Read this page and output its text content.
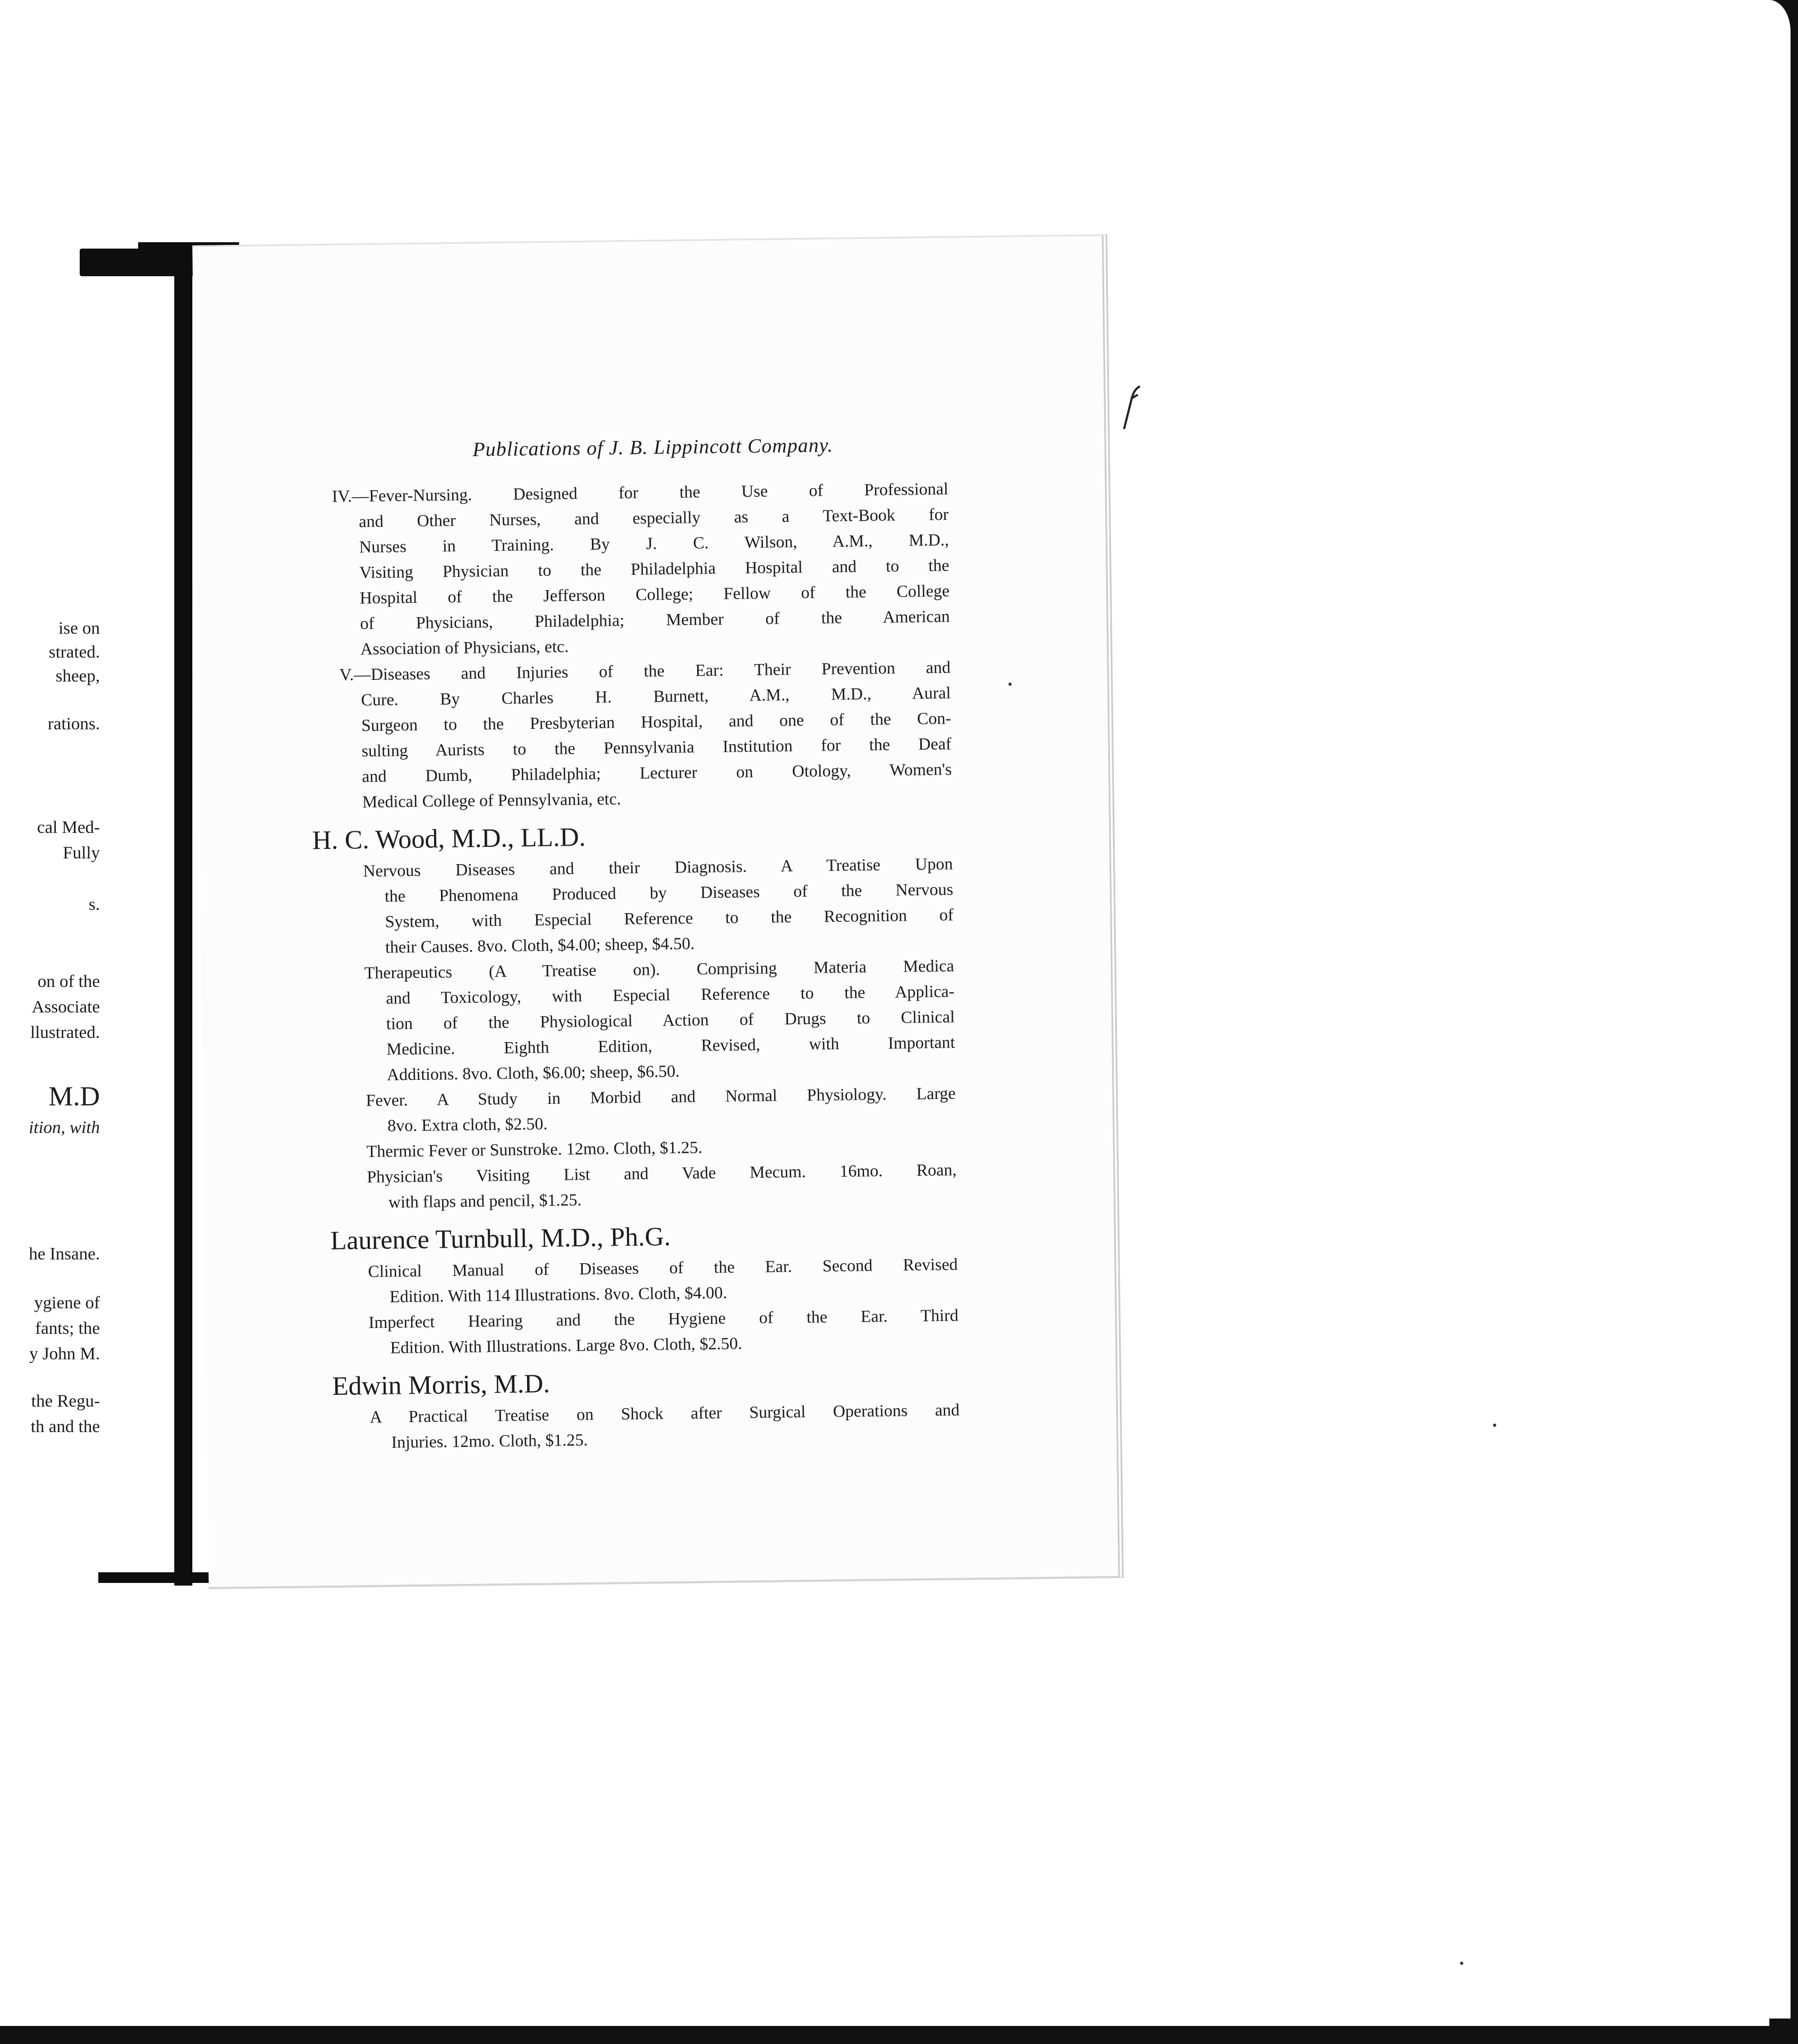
ise on
strated.
sheep,
rations.
cal Med-
Fully
s.
on of the
Associate
llustrated.
M.D
ition, with
he Insane.
ygiene of
fants; the
y John M.
the Regu-
th and the
Publications of J. B. Lippincott Company.
IV.—Fever-Nursing. Designed for the Use of Professional
and Other Nurses, and especially as a Text-Book for
Nurses in Training. By J. C. Wilson, A.M., M.D.,
Visiting Physician to the Philadelphia Hospital and to the
Hospital of the Jefferson College; Fellow of the College
of Physicians, Philadelphia; Member of the American
Association of Physicians, etc.
V.—Diseases and Injuries of the Ear: Their Prevention and
Cure. By Charles H. Burnett, A.M., M.D., Aural
Surgeon to the Presbyterian Hospital, and one of the Con-
sulting Aurists to the Pennsylvania Institution for the Deaf
and Dumb, Philadelphia; Lecturer on Otology, Women's
Medical College of Pennsylvania, etc.
H. C. Wood, M.D., LL.D.
Nervous Diseases and their Diagnosis. A Treatise Upon
the Phenomena Produced by Diseases of the Nervous
System, with Especial Reference to the Recognition of
their Causes. 8vo. Cloth, $4.00; sheep, $4.50.
Therapeutics (A Treatise on). Comprising Materia Medica
and Toxicology, with Especial Reference to the Applica-
tion of the Physiological Action of Drugs to Clinical
Medicine. Eighth Edition, Revised, with Important
Additions. 8vo. Cloth, $6.00; sheep, $6.50.
Fever. A Study in Morbid and Normal Physiology. Large
8vo. Extra cloth, $2.50.
Thermic Fever or Sunstroke. 12mo. Cloth, $1.25.
Physician's Visiting List and Vade Mecum. 16mo. Roan,
with flaps and pencil, $1.25.
Laurence Turnbull, M.D., Ph.G.
Clinical Manual of Diseases of the Ear. Second Revised
Edition. With 114 Illustrations. 8vo. Cloth, $4.00.
Imperfect Hearing and the Hygiene of the Ear. Third
Edition. With Illustrations. Large 8vo. Cloth, $2.50.
Edwin Morris, M.D.
A Practical Treatise on Shock after Surgical Operations and
Injuries. 12mo. Cloth, $1.25.
